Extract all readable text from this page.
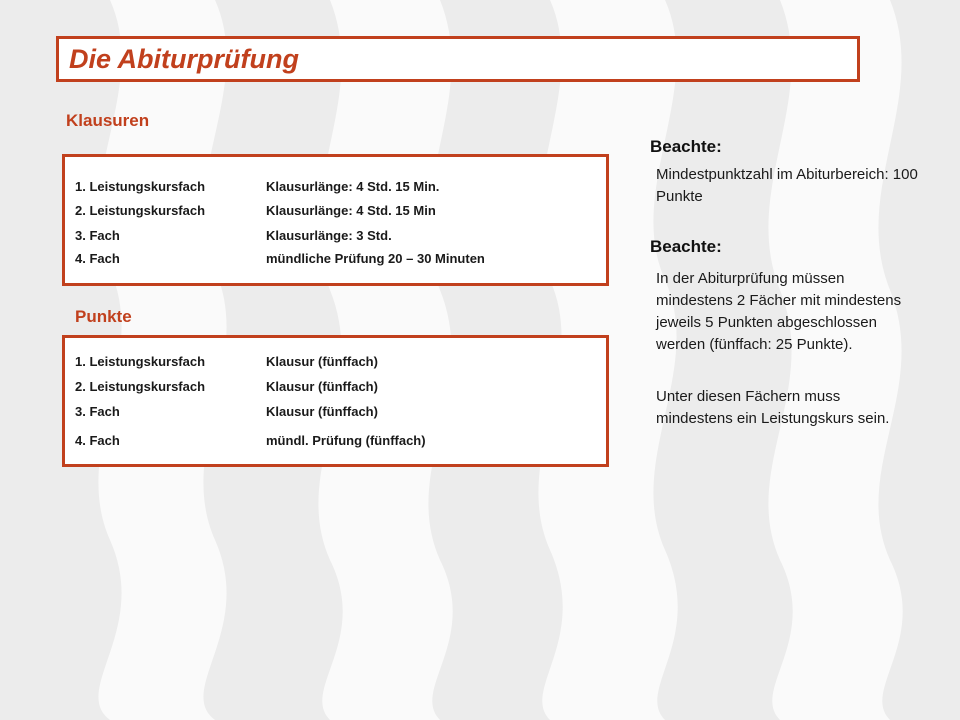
Die Abiturprüfung
Klausuren
1. Leistungskursfach	Klausurlänge: 4 Std. 15 Min.
2. Leistungskursfach	Klausurlänge: 4 Std. 15 Min
3. Fach	Klausurlänge: 3 Std.
4. Fach	mündliche Prüfung 20 – 30 Minuten
Punkte
1. Leistungskursfach	Klausur (fünffach)
2. Leistungskursfach	Klausur (fünffach)
3. Fach	Klausur (fünffach)
4. Fach	mündl. Prüfung (fünffach)
Beachte:
Mindestpunktzahl im Abiturbereich: 100 Punkte
Beachte:
In der Abiturprüfung müssen mindestens 2 Fächer mit mindestens jeweils 5 Punkten abgeschlossen werden (fünffach: 25 Punkte).
Unter diesen Fächern muss mindestens ein Leistungskurs sein.
